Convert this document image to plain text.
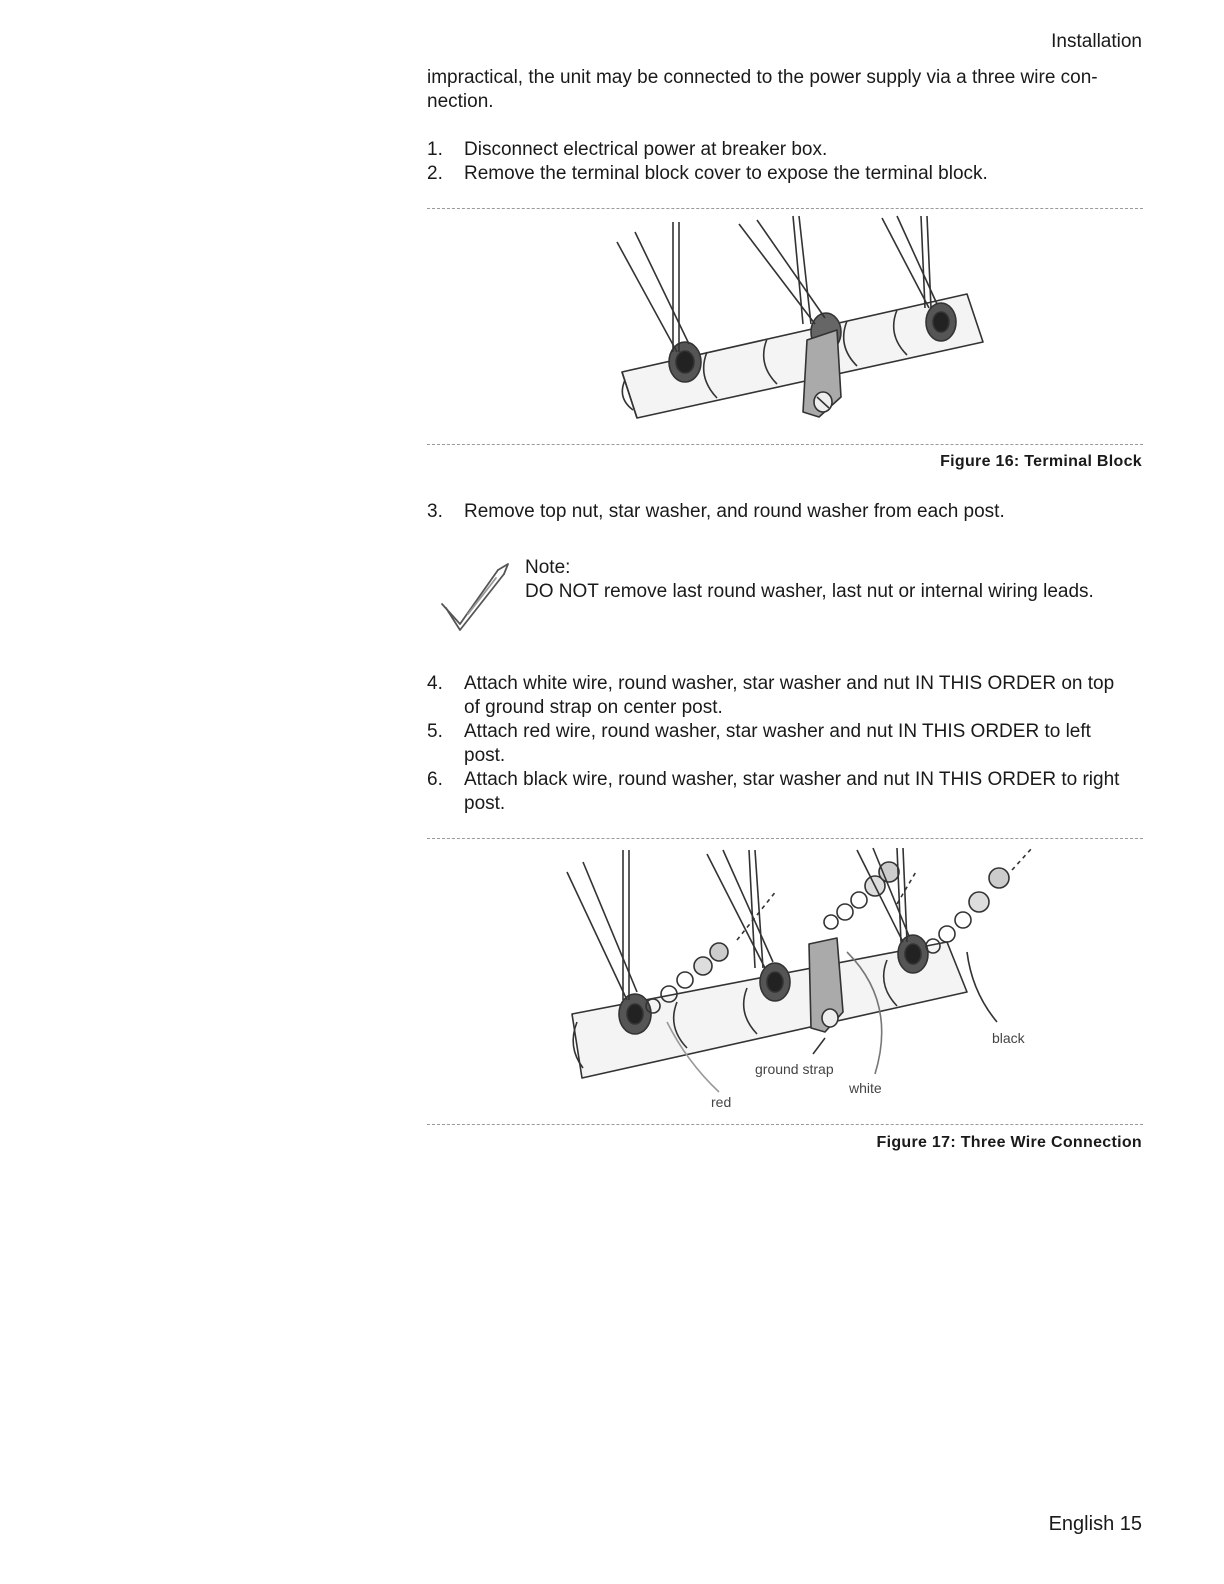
Installation
impractical, the unit may be connected to the power supply via a three wire con-
nection.
1. Disconnect electrical power at breaker box.
2. Remove the terminal block cover to expose the terminal block.
Figure 16: Terminal Block
3. Remove top nut, star washer, and round washer from each post.
Note:
DO NOT remove last round washer, last nut or internal wiring leads.
4. Attach white wire, round washer, star washer and nut IN THIS ORDER on top
of ground strap on center post.
5. Attach red wire, round washer, star washer and nut IN THIS ORDER to left
post.
6. Attach black wire, round washer, star washer and nut IN THIS ORDER to right
post.
black
ground strap
white
red
Figure 17: Three Wire Connection
English 15
